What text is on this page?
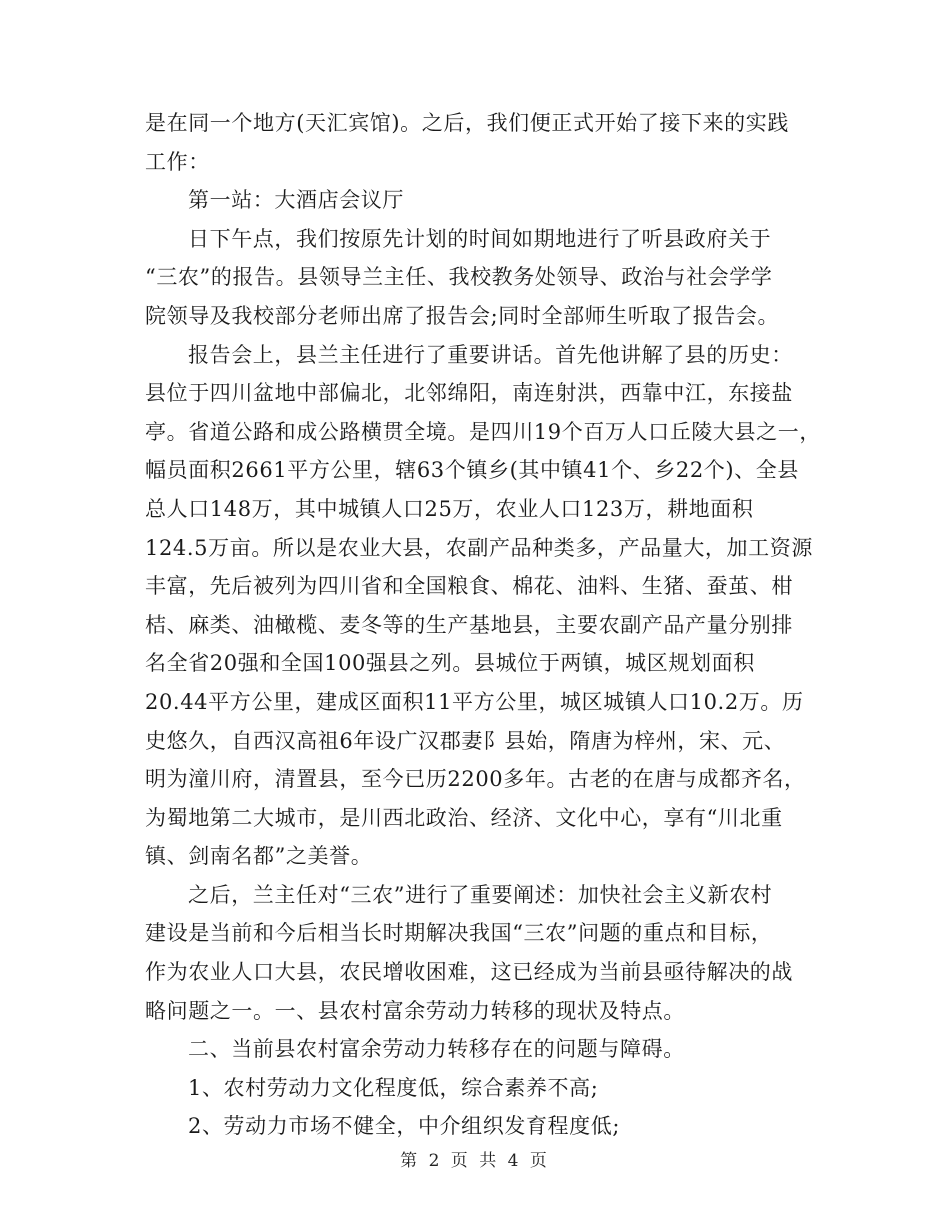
是在同一个地方(天汇宾馆)。之后，我们便正式开始了接下来的实践
工作：
第一站：大酒店会议厅
日下午点，我们按原先计划的时间如期地进行了听县政府关于
“三农”的报告。县领导兰主任、我校教务处领导、政治与社会学学
院领导及我校部分老师出席了报告会;同时全部师生听取了报告会。
报告会上，县兰主任进行了重要讲话。首先他讲解了县的历史：
县位于四川盆地中部偏北，北邻绵阳，南连射洪，西靠中江，东接盐
亭。省道公路和成公路横贯全境。是四川19个百万人口丘陵大县之一，
幅员面积2661平方公里，辖63个镇乡(其中镇41个、乡22个)、全县
总人口148万，其中城镇人口25万，农业人口123万，耕地面积
124.5万亩。所以是农业大县，农副产品种类多，产品量大，加工资源
丰富，先后被列为四川省和全国粮食、棉花、油料、生猪、蚕茧、柑
桔、麻类、油橄榄、麦冬等的生产基地县，主要农副产品产量分别排
名全省20强和全国100强县之列。县城位于两镇，城区规划面积
20.44平方公里，建成区面积11平方公里，城区城镇人口10.2万。历
史悠久，自西汉高祖6年设广汉郡妻阝县始，隋唐为梓州，宋、元、
明为潼川府，清置县，至今已历2200多年。古老的在唐与成都齐名，
为蜀地第二大城市，是川西北政治、经济、文化中心，享有“川北重
镇、剑南名都”之美誉。
之后，兰主任对“三农”进行了重要阐述：加快社会主义新农村
建设是当前和今后相当长时期解决我国“三农”问题的重点和目标，
作为农业人口大县，农民增收困难，这已经成为当前县亟待解决的战
略问题之一。一、县农村富余劳动力转移的现状及特点。
二、当前县农村富余劳动力转移存在的问题与障碍。
1、农村劳动力文化程度低，综合素养不高;
2、劳动力市场不健全，中介组织发育程度低;
第 2 页 共 4 页
